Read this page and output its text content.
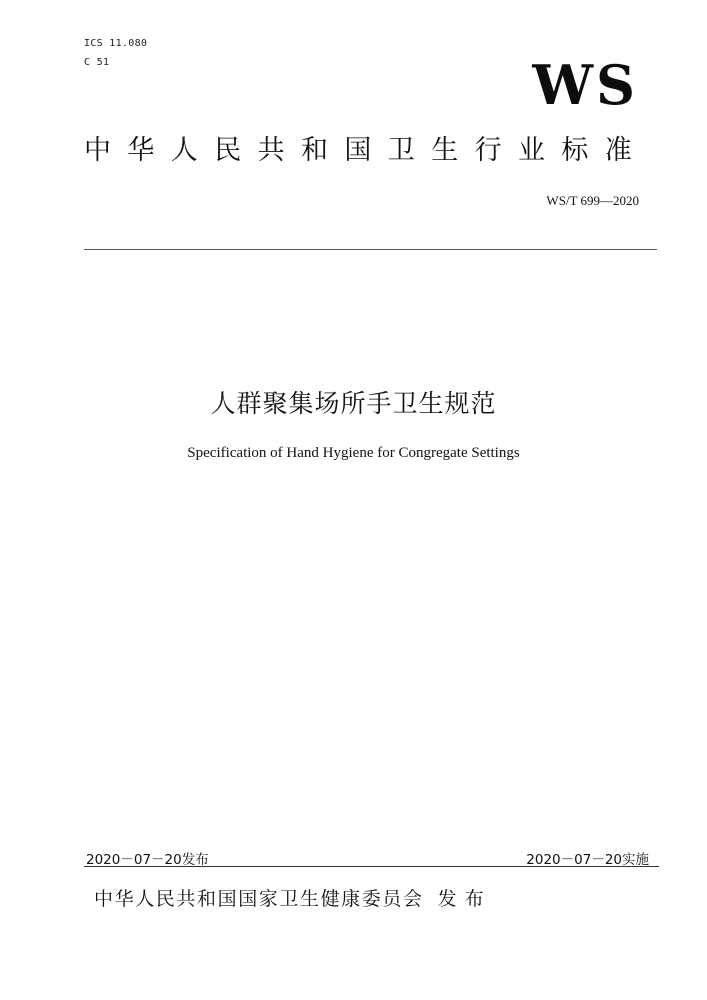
ICS 11.080
C 51	WS
中华人民共和国卫生行业标准
WS/T 699—2020
人群聚集场所手卫生规范
Specification of Hand Hygiene for Congregate Settings
2020－07－20发布	2020－07－20实施
中华人民共和国国家卫生健康委员会 发布
